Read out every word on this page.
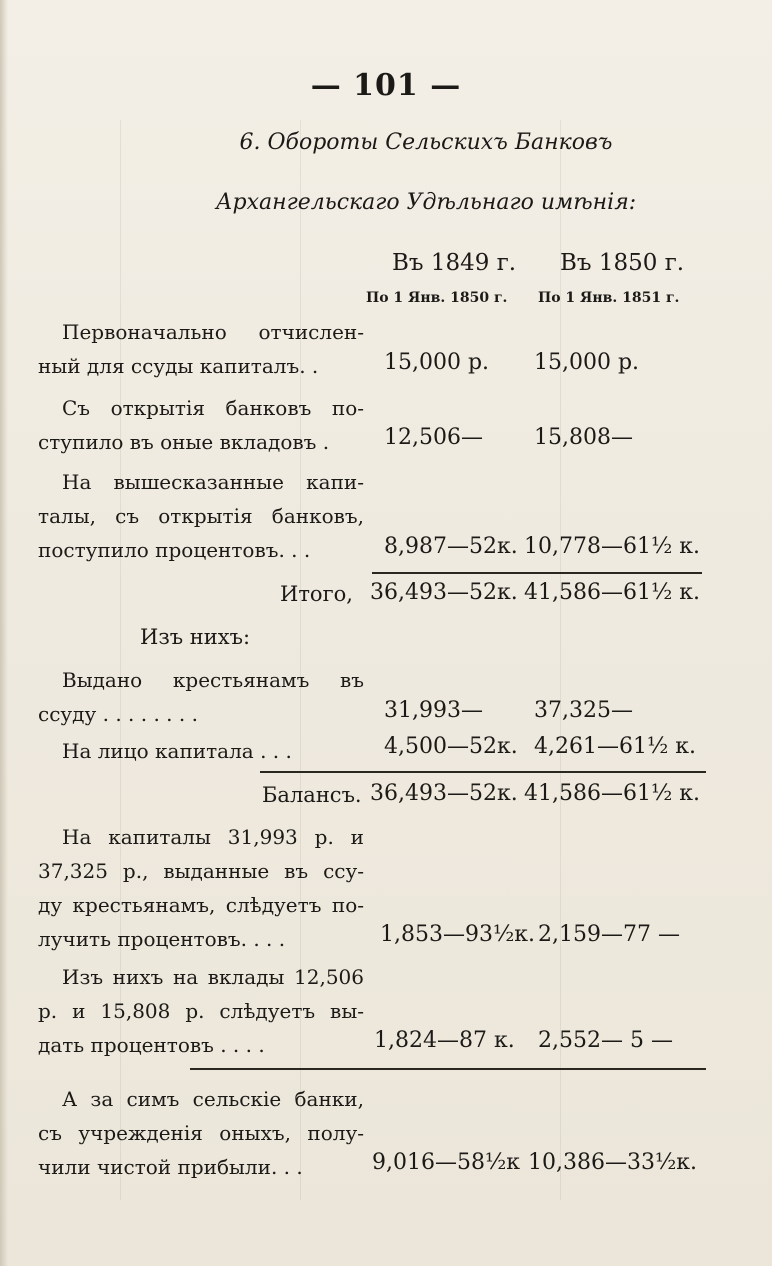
— 101 —
6. Обороты Сельскихъ Банковъ
Архангельскаго Удѣльнаго имѣнія:
Въ 1849 г. Въ 1850 г.
По 1 Янв. 1850 г. По 1 Янв. 1851 г.
Первоначально отчислен-
ный для ссуды капиталъ. .	15,000 р. 15,000 р.
Съ открытія банковъ по-
ступило въ оные вкладовъ .	12,506— 15,808—
На вышесказанные капи-
талы, съ открытія банковъ,
поступило процентовъ. . .	8,987—52к. 10,778—61½ к.
Итого, 36,493—52к. 41,586—61½ к.
Изъ нихъ:
Выдано крестьянамъ въ
ссуду . . . . . . . .	31,993— 37,325—
На лицо капитала . . .	4,500—52к. 4,261—61½ к.
Балансъ. 36,493—52к. 41,586—61½ к.
На капиталы 31,993 р. и
37,325 р., выданные въ ссу-
ду крестьянамъ, слѣдуетъ по-
лучить процентовъ. . . .	1,853—93½к. 2,159—77 —
Изъ нихъ на вклады 12,506
р. и 15,808 р. слѣдуетъ вы-
дать процентовъ . . . .	1,824—87 к. 2,552— 5 —
А за симъ сельскіе банки,
съ учрежденія оныхъ, полу-
чили чистой прибыли. . .	9,016—58½к 10,386—33½к.
